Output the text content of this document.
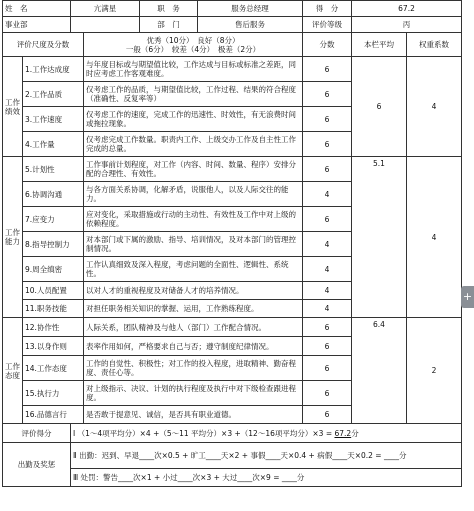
姓　名		亢满星		职　务	服务总经理	得　分	67.2	
事业部				部　门	售后服务	评价等级	丙	
评价尺度及分数			优秀（10分）　良好（8分）
一般（6分）　较差（4分）　极差（2分）			分数	本栏平均	权重系数
工作绩效	1.工作达成度		与年度目标或与期望值比较，工作达成与目标或标准之差距，同时应考虑工作客观难度。			6	6	4
	2.工作品质		仅考虑工作的品质，与期望值比较，工作过程、结果的符合程度（准确性、反复率等）			6		
	3.工作速度		仅考虑工作的速度，完成工作的迅速性、时效性，有无浪费时间或拖拉现象。			6		
	4.工作量		仅考虑完成工作数量。职责内工作、上级交办工作及自主性工作完成的总量。			6		
工作能力	5.计划性		工作事前计划程度，对工作（内容、时间、数量、程序）安排分配的合理性、有效性。			6	5.1	4
	6.协调沟通		与各方面关系协调，化解矛盾，说服他人，以及人际交往的能力。			4		
	7.应变力		应对变化，采取措施或行动的主动性、有效性及工作中对上级的依赖程度。			6		
	8.指导控制力		对本部门或下属的激励、指导、培训情况，及对本部门的管理控制情况。			4		
	9.周全缜密		工作认真细致及深入程度，考虑问题的全面性、逻辑性、系统性。			4		
	10.人员配置		以对人才的重视程度及对储备人才的培养情况。			4		
	11.职务技能		对担任职务相关知识的掌握、运用，工作熟练程度。			4		
工作态度	12.协作性		人际关系，团队精神及与他人（部门）工作配合情况。			6	6.4	2
	13.以身作则		表率作用如何，严格要求自己与否；遵守制度纪律情况。			6		
	14.工作态度		工作的自觉性、积极性；对工作的投入程度，进取精神、勤奋程度、责任心等。			6		
	15.执行力		对上级指示、决议、计划的执行程度及执行中对下级检查跟进程度。			6		
	16.品德言行		是否敢于提意见、诚信，是否具有职业道德。			6		
评价得分		Ⅰ （1～4项平均分）×4 +（5～11 平均分）×3 +（12～16项平均分）×3 = 67.2分						
出勤及奖惩		Ⅱ 出勤：迟到、早退____次×0.5 + 旷工____天×2 + 事假____天×0.4 + 病假____天×0.2 = ____分						
		Ⅲ 处罚：警告____次×1 + 小过____次×3 + 大过____次×9 = ____分						
+
